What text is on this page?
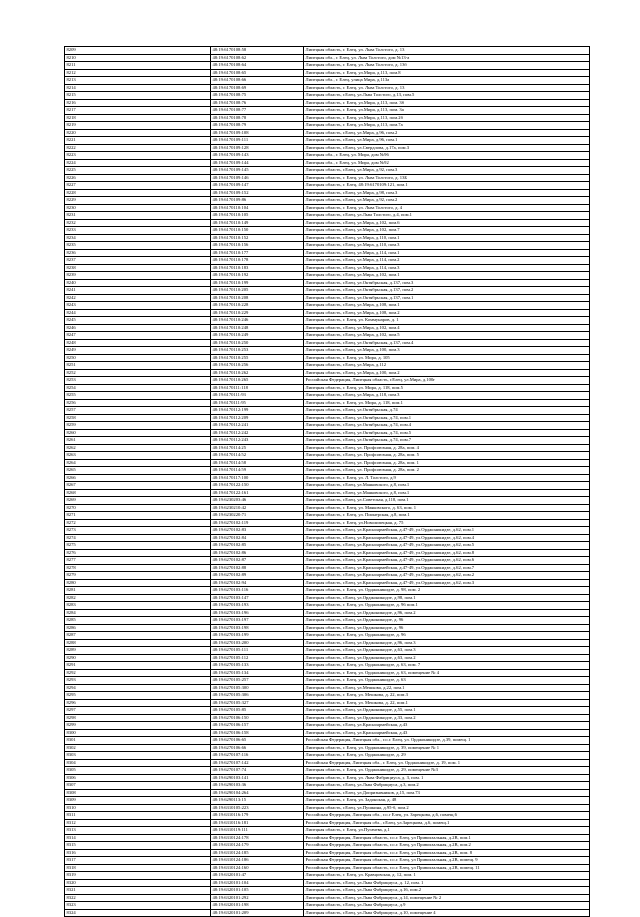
8209	48:19:6170108:58	Липецкая область, г. Елец, ул. Льва Толстого, д. 13
8210	48:19:6170108:62	Липецкая обл., г. Елец, ул. Льва Толстого, дом №13-а
8211	48:19:6170108:64	Липецкая область, г. Елец, ул. Льва Толстого, д. 13б
8212	48:19:6170108:65	Липецкая область, г. Елец, ул.Мира, д.113, пом.8
8213	48:19:6170108:66	Липецкая обл., г. Елец, улица Мира, д.113а
8214	48:19:6170108:69	Липецкая область, г. Елец, ул. Льва Толстого, д. 13
8215	48:19:6170108:75	Липецкая область, г.Елец, ул.Льва Толстого, д.13, пом.5
8216	48:19:6170108:76	Липецкая область, г. Елец, ул.Мира, д.113, пом. 3б
8217	48:19:6170108:77	Липецкая область, г. Елец, ул.Мира, д.113, пом. 3а
8218	48:19:6170108:78	Липецкая область, г. Елец, ул.Мира, д.113, пом.2б
8219	48:19:6170108:79	Липецкая область, г. Елец, ул.Мира, д.113, пом.7а
8220	48:19:6170109:108	Липецкая область, г.Елец, ул.Мира, д.96, пом.2
8221	48:19:6170109:111	Липецкая область, г.Елец, ул.Мира, д.96, пом.1
8222	48:19:6170109:128	Липецкая область, г.Елец, ул.Свердлова, д.17а, пом.3
8223	48:19:6170109:143	Липецкая обл., г. Елец, ул. Мира, дом №96
8224	48:19:6170109:144	Липецкая обл., г. Елец, ул. Мира, дом №92
8225	48:19:6170109:145	Липецкая область, г.Елец, ул.Мира, д.92, пом.3
8226	48:19:6170109:146	Липецкая область, г. Елец, ул. Льва Толстого, д. 13Б
8227	48:19:6170109:147	Липецкая область, г. Елец, 48:19:6170109:121, пом.1
8228	48:19:6170109:152	Липецкая область, г.Елец, ул.Мира, д.98, пом.3
8229	48:19:6170109:86	Липецкая область, г.Елец, ул.Мира, д.92, пом.2
8230	48:19:6170110:104	Липецкая область, г. Елец, ул. Льва Толстого, д. 4
8231	48:19:6170110:105	Липецкая область, г.Елец, ул.Льва Толстого, д.4, пом.1
8232	48:19:6170110:149	Липецкая область, г.Елец, ул.Мира, д.102, пом.6
8233	48:19:6170110:150	Липецкая область, г.Елец, ул.Мира, д.102, пом.7
8234	48:19:6170110:152	Липецкая область, г.Елец, ул.Мира, д.110, пом.1
8235	48:19:6170110:156	Липецкая область, г.Елец, ул.Мира, д.110, пом.3
8236	48:19:6170110:177	Липецкая область, г.Елец, ул.Мира, д.114, пом.1
8237	48:19:6170110:178	Липецкая область, г.Елец, ул.Мира, д.114, пом.2
8238	48:19:6170110:183	Липецкая область, г.Елец, ул.Мира, д.114, пом.3
8239	48:19:6170110:192	Липецкая область, г.Елец, ул.Мира, д.102, пом.1
8240	48:19:6170110:199	Липецкая область, г.Елец, ул.Октябрьская, д.137, пом.3
8241	48:19:6170110:205	Липецкая область, г.Елец, ул.Октябрьская, д.137, пом.2
8242	48:19:6170110:208	Липецкая область, г.Елец, ул.Октябрьская, д.137, пом.1
8243	48:19:6170110:228	Липецкая область, г.Елец, ул.Мира, д.108, пом.1
8244	48:19:6170110:229	Липецкая область, г.Елец, ул.Мира, д.108, пом.2
8245	48:19:6170110:246	Липецкая область, г. Елец, ул. Коммунаров, д. 1
8246	48:19:6170110:248	Липецкая область, г.Елец, ул.Мира, д.102, пом.4
8247	48:19:6170110:249	Липецкая область, г.Елец, ул.Мира, д.102, пом.5
8248	48:19:6170110:250	Липецкая область, г.Елец, ул.Октябрьская, д.137, пом.4
8249	48:19:6170110:253	Липецкая область, г.Елец, ул.Мира, д.100, пом.3
8250	48:19:6170110:255	Липецкая область, г. Елец, ул. Мира, д. 105
8251	48:19:6170110:256	Липецкая область, г.Елец, ул.Мира, д.112
8252	48:19:6170110:262	Липецкая область, г.Елец, ул.Мира, д.100, пом.2
8253	48:19:6170110:265	Российская Федерация, Липецкая область, г.Елец, ул.Мира, д.100г
8254	48:19:6170111:118	Липецкая область, г. Елец, ул. Мира, д. 118, пом.5
8255	48:19:6170111:93	Липецкая область, г.Елец, ул.Мира, д.118, пом.3
8256	48:19:6170111:95	Липецкая область, г. Елец, ул. Мира, д. 118, пом.1
8257	48:19:6170112:199	Липецкая область, г.Елец, ул.Октябрьская, д.74
8258	48:19:6170112:209	Липецкая область, г.Елец, ул.Октябрьская, д.74, пом.1
8259	48:19:6170112:241	Липецкая область, г.Елец, ул.Октябрьская, д.74, пом.4
8260	48:19:6170112:242	Липецкая область, г.Елец, ул.Октябрьская, д.74, пом.5
8261	48:19:6170112:243	Липецкая область, г.Елец, ул.Октябрьская, д.74, пом.7
8262	48:19:6170114:25	Липецкая область, г.Елец, ул. Профсоюзная, д. 28а, пом. 4
8263	48:19:6170114:52	Липецкая область, г.Елец, ул. Профсоюзная, д. 28а, пом. 5
8264	48:19:6170114:58	Липецкая область, г.Елец, ул. Профсоюзная, д. 28а, пом. 1
8265	48:19:6170114:59	Липецкая область, г.Елец, ул. Профсоюзная, д. 28а, пом. 2
8266	48:19:6170117:100	Липецкая область, г. Елец, ул. Л. Толстого, д.9
8267	48:19:6170122:150	Липецкая область, г.Елец, ул.Маяковского, д.8, пом.1
8268	48:19:6170122:161	Липецкая область, г.Елец, ул.Маяковского, д.8, пом.1
8269	48:19:6230203:46	Липецкая область, г.Елец, ул.Советская, д.118, пом.1
8270	48:19:6230210:42	Липецкая область, г. Елец, ул. Маяковского, д. 63, пом. 1
8271	48:19:6230220:71	Липецкая область, г. Елец, ул. Пионерская, д.8, пом.1
8272	48:19:6270102:119	Липецкая область, г. Елец, ул.Новолипецкая, д. 75
8273	48:19:6270102:83	Липецкая область, г.Елец, ул.Красноармейская, д.47-49, ул.Орджоникидзе, д.62, пом.1
8274	48:19:6270102:84	Липецкая область, г.Елец, ул.Красноармейская, д.47-49, ул.Орджоникидзе, д.62, пом.4
8275	48:19:6270102:85	Липецкая область, г.Елец, ул.Красноармейская, д.47-49, ул.Орджоникидзе, д.62, пом.5
8276	48:19:6270102:86	Липецкая область, г.Елец, ул.Красноармейская, д.47-49, ул.Орджоникидзе, д.62, пом.8
8277	48:19:6270102:87	Липецкая область, г.Елец, ул.Красноармейская, д.47-49, ул.Орджоникидзе, д.62, пом.6
8278	48:19:6270102:88	Липецкая область, г.Елец, ул.Красноармейская, д.47-49, ул.Орджоникидзе, д.62, пом.7
8279	48:19:6270102:89	Липецкая область, г.Елец, ул.Красноармейская, д.47-49, ул.Орджоникидзе, д.62, пом.2
8280	48:19:6270102:94	Липецкая область, г.Елец, ул.Красноармейская, д.47-49, ул.Орджоникидзе, д.62, пом.3
8281	48:19:6270103:116	Липецкая область, г. Елец, ул. Орджоникидзе, д. 98, пом. 2
8282	48:19:6270103:147	Липецкая область, г.Елец, ул.Орджоникидзе, д.98, пом.1
8283	48:19:6270103:193	Липецкая область, г. Елец, ул. Орджоникидзе, д. 96 пом.1
8284	48:19:6270103:196	Липецкая область, г.Елец, ул.Орджоникидзе, д.96, пом.2
8285	48:19:6270103:197	Липецкая область, г.Елец, ул.Орджоникидзе, д. 96
8286	48:19:6270103:198	Липецкая область, г.Елец, ул.Орджоникидзе, д. 96
8287	48:19:6270103:199	Липецкая область, г. Елец, ул. Орджоникидзе, д. 96
8288	48:19:6270103:200	Липецкая область, г.Елец, ул.Орджоникидзе, д.96, пом.3
8289	48:19:6270105:111	Липецкая область, г.Елец, ул.Орджоникидзе, д.63, пом.3
8290	48:19:6270105:112	Липецкая область, г.Елец, ул.Орджоникидзе, д.63, пом.2
8291	48:19:6270105:133	Липецкая область, г. Елец, ул. Орджоникидзе, д. 63, пом. 7
8292	48:19:6270105:134	Липецкая область, г. Елец, ул. Орджоникидзе, д. 63, помещение № 4
8293	48:19:6270105:257	Липецкая область, г. Елец, ул. Орджоникидзе, д. 63
8294	48:19:6270105:300	Липецкая область, г.Елец, ул.Мешкова, д.22, пом.1
8295	48:19:6270105:306	Липецкая область, г. Елец, ул. Мешкова, д. 22, пом.3
8296	48:19:6270105:327	Липецкая область, г. Елец, ул. Мешкова, д. 22, пом.1
8297	48:19:6270105:85	Липецкая область, г.Елец, ул.Орджоникидзе, д.55, пом.1
8298	48:19:6270106:150	Липецкая область, г.Елец, ул.Орджоникидзе, д.33, пом.2
8299	48:19:6270106:157	Липецкая область, г.Елец, ул.Красноармейская, д.43
8300	48:19:6270106:158	Липецкая область, г.Елец, ул.Красноармейская, д.43
8301	48:19:6270106:65	Российская Федерация, Липецкая обл., г.о.г. Елец, ул. Орджоникидзе, д.39, помещ. 1
8302	48:19:6270106:66	Липецкая область, г. Елец, ул. Орджоникидзе, д. 39, помещение № 1
8303	48:19:6270107:116	Липецкая область, г. Елец, ул. Орджоникидзе, д. 29
8304	48:19:6270107:142	Российская Федерация, Липецкая обл., г. Елец, ул. Орджоникидзе, д. 19, пом. 1
8305	48:19:6270107:74	Липецкая область, г. Елец, ул. Орджоникидзе, д. 29, помещение №3
8306	48:19:6290103:141	Липецкая область, г. Елец, ул. Льва Фабрициуса, д. 3, пом. 1
8307	48:19:6290103:36	Липецкая область, г.Елец, ул.Льва Фабрициуса, д.3, пом.2
8308	48:19:6290104:264	Липецкая область, г.Елец, ул.Допризывников, д.15, пом.73
8309	48:19:6290113:15	Липецкая область, г. Елец, ул. Задонская, д. 48
8310	48:19:6310105:223	Липецкая область, г.Елец, ул.Пушкина, д.95-б, пом.2
8311	48:19:6310116:179	Российская Федерация, Липецкая обл., г.о.г Елец, ул. Зарецкова, д.6, помещ.6
8312	48:19:6310116:181	Российская Федерация, Липецкая обл., г.Елец, ул.Зарецкова, д.6, помещ.1
8313	48:19:6310119:111	Липецкая область, г. Елец, ул.Пугачева, д.1
8314	48:19:6310124:178	Российская Федерация, Липецкая область, г.о.г. Елец, ул Привокзальная, д.2В, пом.1
8315	48:19:6310124:179	Российская Федерация, Липецкая область, г.о.г. Елец, ул Привокзальная, д.2В, пом.2
8316	48:19:6310124:185	Российская Федерация, Липецкая область, г.о.г. Елец, ул Привокзальная, д.2В, пом. 8
8317	48:19:6310124:186	Российская Федерация, Липецкая область, г.о.г. Елец, ул Привокзальная, д.2В, помещ. 9
8318	48:19:6310124:160	Российская Федерация, Липецкая область, г.о.г. Елец, ул Привокзальная, д.2В, помещ. 11
8319	48:19:6320101:47	Липецкая область, г. Елец, ул. Кравцовская, д. 12, пом. 1
8320	48:19:6320101:104	Липецкая область, г.Елец, ул.Льва Фабрициуса, д. 12, пом. 1
8321	48:19:6320101:105	Липецкая область, г.Елец, ул.Льва Фабрициуса, д.16, пом.2
8322	48:19:6320101:292	Липецкая область, г.Елец, ул.Льва Фабрициуса, д.14, помещение № 2
8323	48:19:6320101:198	Липецкая область, г.Елец, ул.Льва Фабрициуса, д.9
8324	48:19:6320101:209	Липецкая область, г.Елец, ул.Льва Фабрициуса, д.10, помещение 4
